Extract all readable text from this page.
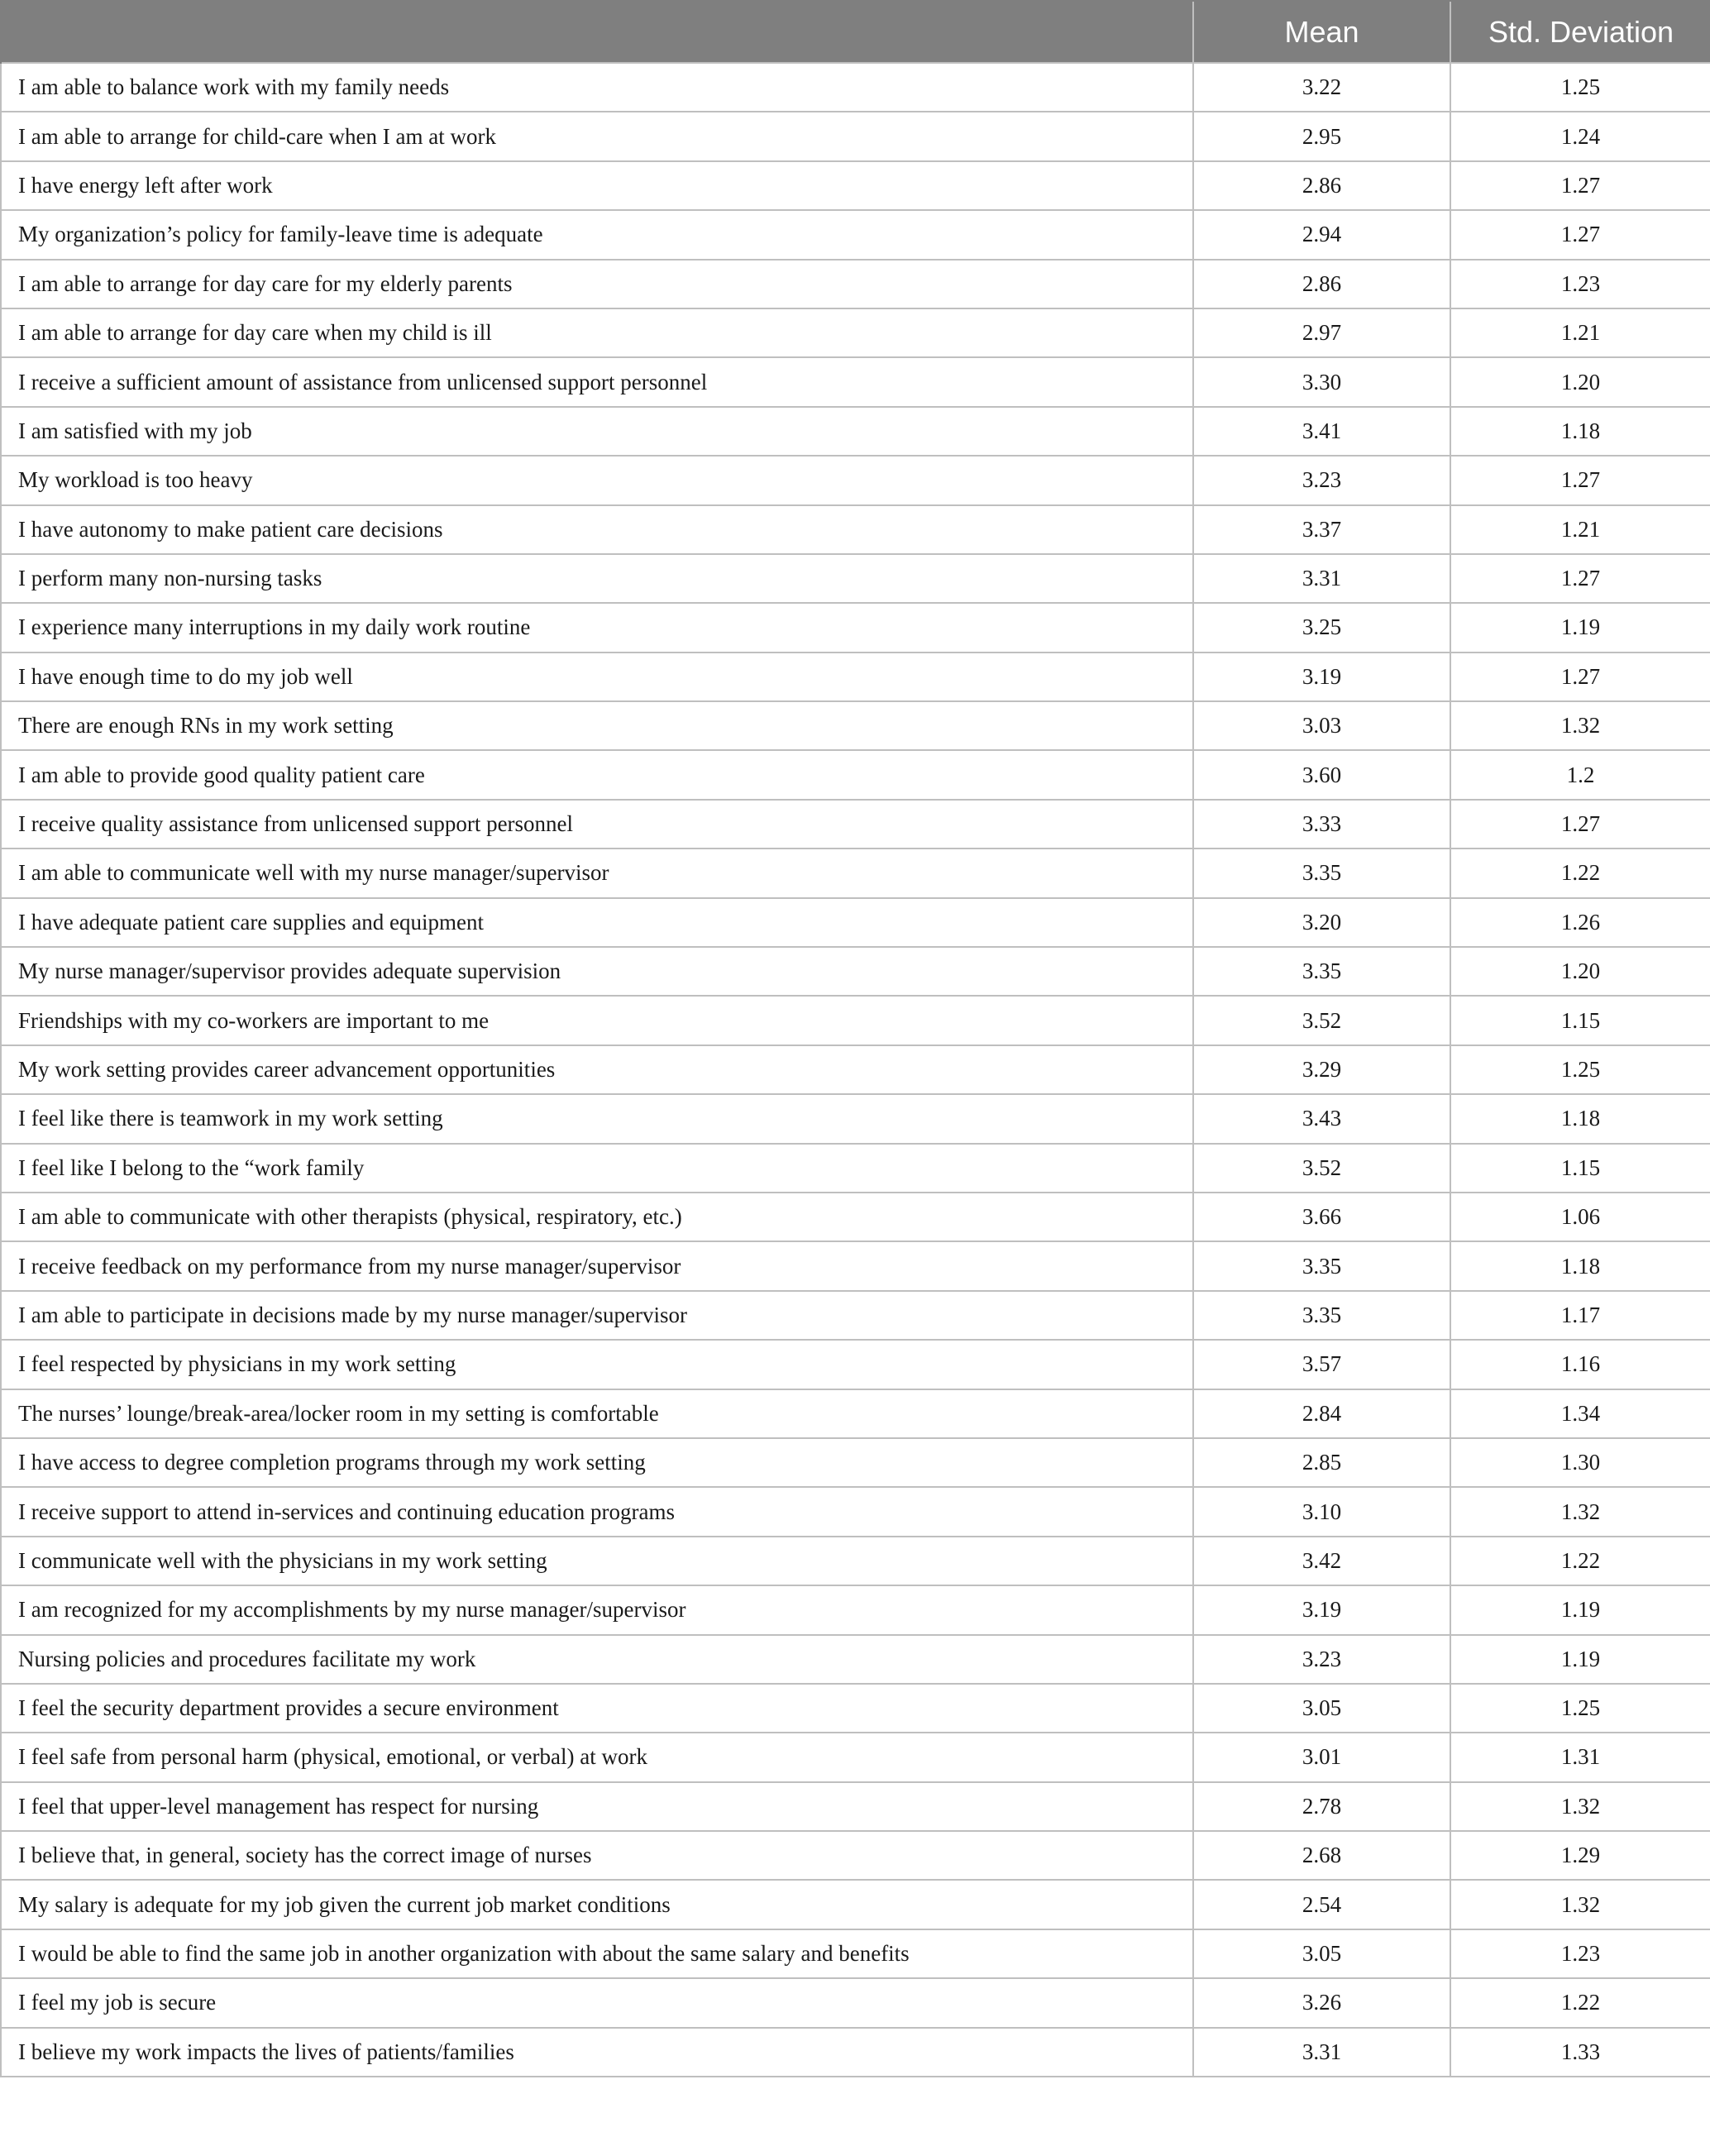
	Mean	Std. Deviation
I am able to balance work with my family needs	3.22	1.25
I am able to arrange for child-care when I am at work	2.95	1.24
I have energy left after work	2.86	1.27
My organization’s policy for family-leave time is adequate	2.94	1.27
I am able to arrange for day care for my elderly parents	2.86	1.23
I am able to arrange for day care when my child is ill	2.97	1.21
I receive a sufficient amount of assistance from unlicensed support personnel	3.30	1.20
I am satisfied with my job	3.41	1.18
My workload is too heavy	3.23	1.27
I have autonomy to make patient care decisions	3.37	1.21
I perform many non-nursing tasks	3.31	1.27
I experience many interruptions in my daily work routine	3.25	1.19
I have enough time to do my job well	3.19	1.27
There are enough RNs in my work setting	3.03	1.32
I am able to provide good quality patient care	3.60	1.2
I receive quality assistance from unlicensed support personnel	3.33	1.27
I am able to communicate well with my nurse manager/supervisor	3.35	1.22
I have adequate patient care supplies and equipment	3.20	1.26
My nurse manager/supervisor provides adequate supervision	3.35	1.20
Friendships with my co-workers are important to me	3.52	1.15
My work setting provides career advancement opportunities	3.29	1.25
I feel like there is teamwork in my work setting	3.43	1.18
I feel like I belong to the “work family	3.52	1.15
I am able to communicate with other therapists (physical, respiratory, etc.)	3.66	1.06
I receive feedback on my performance from my nurse manager/supervisor	3.35	1.18
I am able to participate in decisions made by my nurse manager/supervisor	3.35	1.17
I feel respected by physicians in my work setting	3.57	1.16
The nurses’ lounge/break-area/locker room in my setting is comfortable	2.84	1.34
I have access to degree completion programs through my work setting	2.85	1.30
I receive support to attend in-services and continuing education programs	3.10	1.32
I communicate well with the physicians in my work setting	3.42	1.22
I am recognized for my accomplishments by my nurse manager/supervisor	3.19	1.19
Nursing policies and procedures facilitate my work	3.23	1.19
I feel the security department provides a secure environment	3.05	1.25
I feel safe from personal harm (physical, emotional, or verbal) at work	3.01	1.31
I feel that upper-level management has respect for nursing	2.78	1.32
I believe that, in general, society has the correct image of nurses	2.68	1.29
My salary is adequate for my job given the current job market conditions	2.54	1.32
I would be able to find the same job in another organization with about the same salary and benefits	3.05	1.23
I feel my job is secure	3.26	1.22
I believe my work impacts the lives of patients/families	3.31	1.33
